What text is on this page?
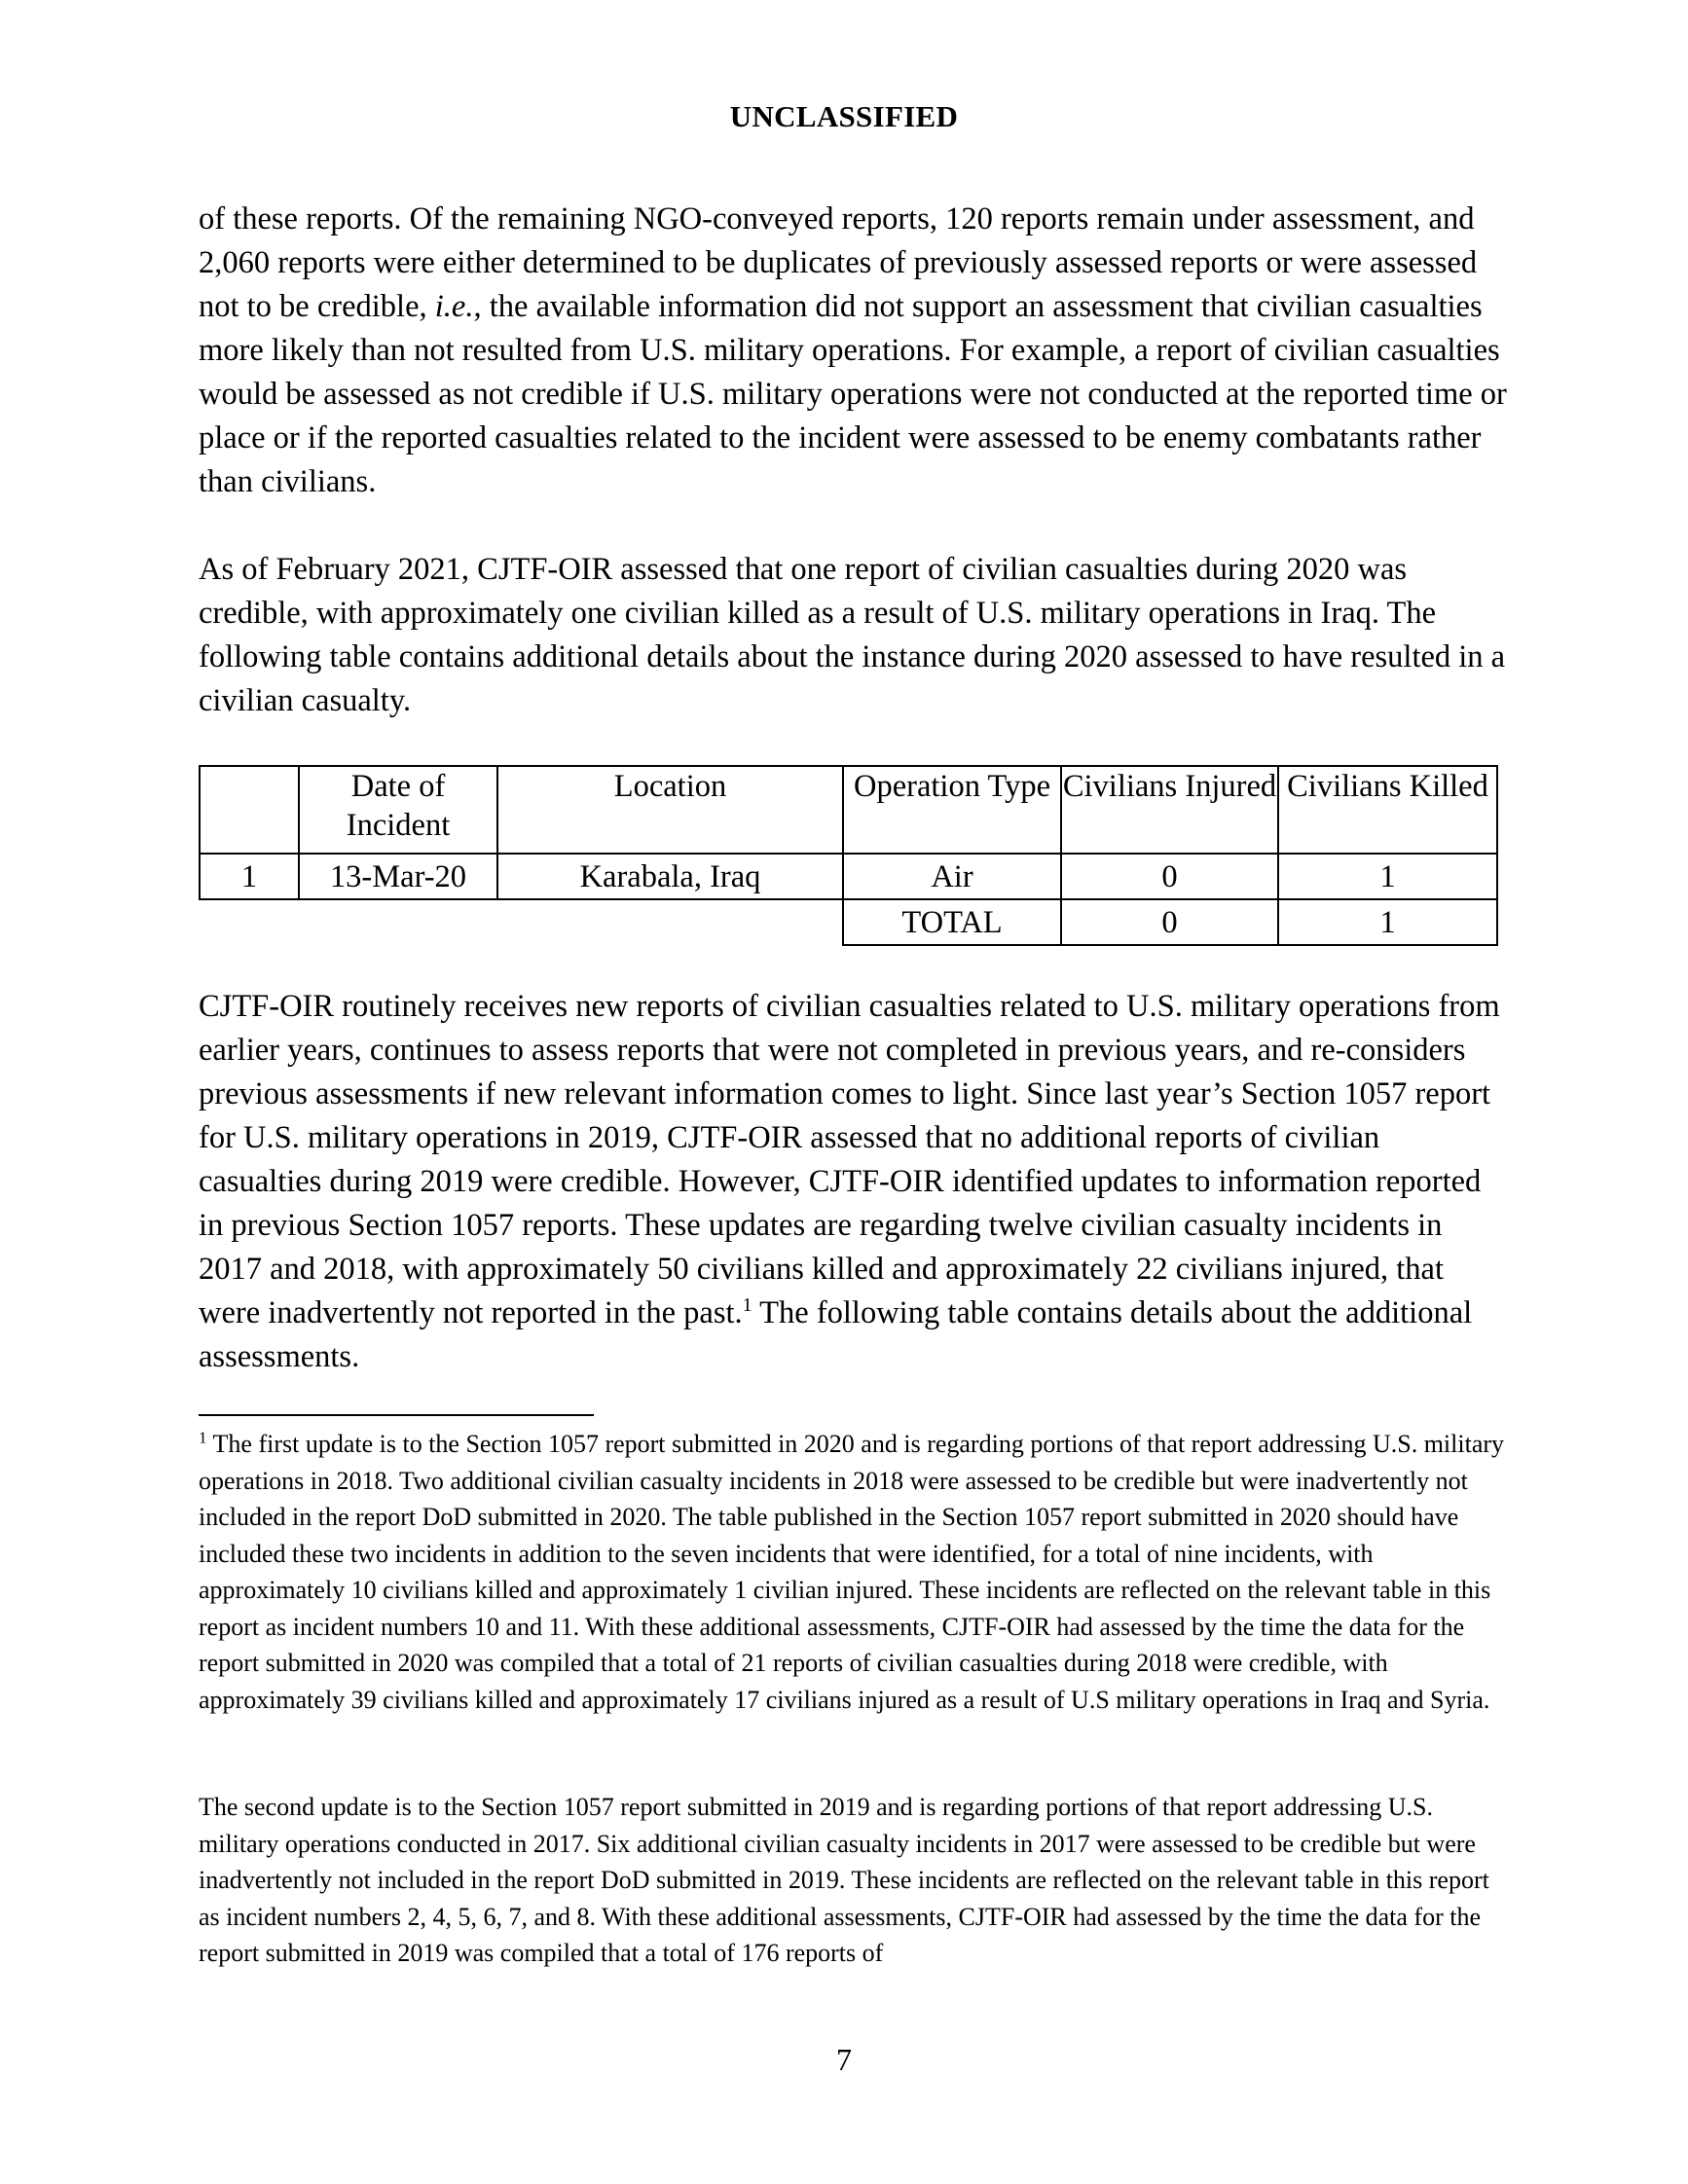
UNCLASSIFIED

of these reports. Of the remaining NGO-conveyed reports, 120 reports remain under assessment, and 2,060 reports were either determined to be duplicates of previously assessed reports or were assessed not to be credible, i.e., the available information did not support an assessment that civilian casualties more likely than not resulted from U.S. military operations. For example, a report of civilian casualties would be assessed as not credible if U.S. military operations were not conducted at the reported time or place or if the reported casualties related to the incident were assessed to be enemy combatants rather than civilians.

As of February 2021, CJTF-OIR assessed that one report of civilian casualties during 2020 was credible, with approximately one civilian killed as a result of U.S. military operations in Iraq. The following table contains additional details about the instance during 2020 assessed to have resulted in a civilian casualty.

	Date of Incident	Location	Operation Type	Civilians Injured	Civilians Killed
1	13-Mar-20	Karabala, Iraq	Air	0	1
			TOTAL	0	1

CJTF-OIR routinely receives new reports of civilian casualties related to U.S. military operations from earlier years, continues to assess reports that were not completed in previous years, and re-considers previous assessments if new relevant information comes to light. Since last year’s Section 1057 report for U.S. military operations in 2019, CJTF-OIR assessed that no additional reports of civilian casualties during 2019 were credible. However, CJTF-OIR identified updates to information reported in previous Section 1057 reports. These updates are regarding twelve civilian casualty incidents in 2017 and 2018, with approximately 50 civilians killed and approximately 22 civilians injured, that were inadvertently not reported in the past.$^1$ The following table contains details about the additional assessments.

$^1$ The first update is to the Section 1057 report submitted in 2020 and is regarding portions of that report addressing U.S. military operations in 2018. Two additional civilian casualty incidents in 2018 were assessed to be credible but were inadvertently not included in the report DoD submitted in 2020. The table published in the Section 1057 report submitted in 2020 should have included these two incidents in addition to the seven incidents that were identified, for a total of nine incidents, with approximately 10 civilians killed and approximately 1 civilian injured. These incidents are reflected on the relevant table in this report as incident numbers 10 and 11. With these additional assessments, CJTF-OIR had assessed by the time the data for the report submitted in 2020 was compiled that a total of 21 reports of civilian casualties during 2018 were credible, with approximately 39 civilians killed and approximately 17 civilians injured as a result of U.S military operations in Iraq and Syria.

The second update is to the Section 1057 report submitted in 2019 and is regarding portions of that report addressing U.S. military operations conducted in 2017. Six additional civilian casualty incidents in 2017 were assessed to be credible but were inadvertently not included in the report DoD submitted in 2019. These incidents are reflected on the relevant table in this report as incident numbers 2, 4, 5, 6, 7, and 8. With these additional assessments, CJTF-OIR had assessed by the time the data for the report submitted in 2019 was compiled that a total of 176 reports of

7
